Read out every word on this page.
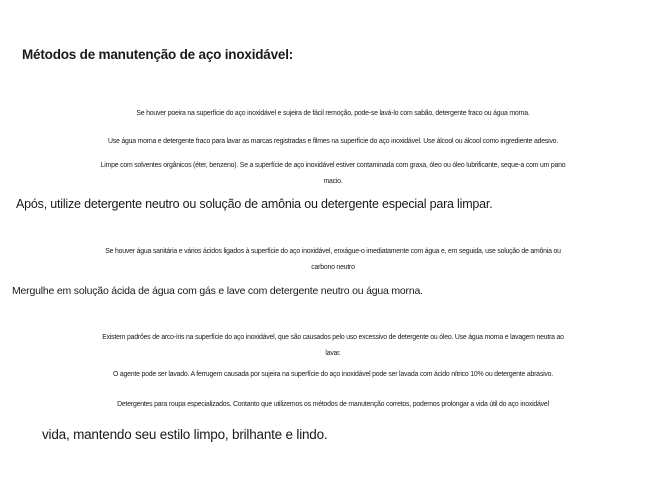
Métodos de manutenção de aço inoxidável:
Se houver poeira na superfície do aço inoxidável e sujeira de fácil remoção, pode-se lavá-lo com sabão, detergente fraco ou água morna.
Use água morna e detergente fraco para lavar as marcas registradas e filmes na superfície do aço inoxidável. Use álcool ou álcool como ingrediente adesivo.
Limpe com solventes orgânicos (éter, benzeno). Se a superfície de aço inoxidável estiver contaminada com graxa, óleo ou óleo lubrificante, seque-a com um pano
macio.
Após, utilize detergente neutro ou solução de amônia ou detergente especial para limpar.
Se houver água sanitária e vários ácidos ligados à superfície do aço inoxidável, enxágue-o imediatamente com água e, em seguida, use solução de amônia ou
carbono neutro
Mergulhe em solução ácida de água com gás e lave com detergente neutro ou água morna.
Existem padrões de arco-íris na superfície do aço inoxidável, que são causados pelo uso excessivo de detergente ou óleo. Use água morna e lavagem neutra ao
lavar.
O agente pode ser lavado. A ferrugem causada por sujeira na superfície do aço inoxidável pode ser lavada com ácido nítrico 10% ou detergente abrasivo.
Detergentes para roupa especializados. Contanto que utilizemos os métodos de manutenção corretos, podemos prolongar a vida útil do aço inoxidável
vida, mantendo seu estilo limpo, brilhante e lindo.
